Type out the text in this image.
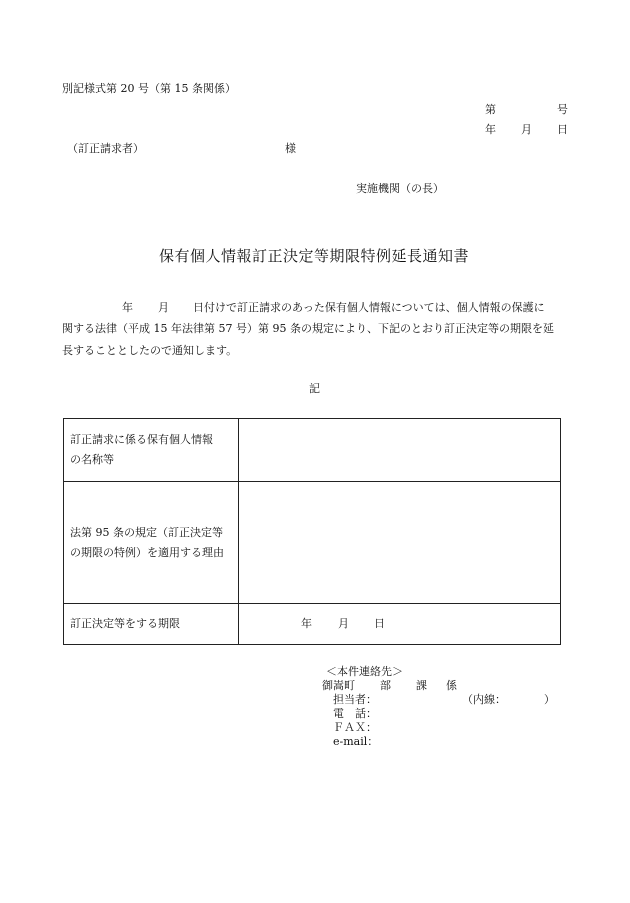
別記様式第 20 号（第 15 条関係）
第	号
年 月 日
（訂正請求者）	様
実施機関（の長）
保有個人情報訂正決定等期限特例延長通知書
年 月 日付けで訂正請求のあった保有個人情報については、個人情報の保護に
関する法律（平成 15 年法律第 57 号）第 95 条の規定により、下記のとおり訂正決定等の期限を延
長することとしたので通知します。
記
訂正請求に係る保有個人情報
の名称等	

法第 95 条の規定（訂正決定等
の期限の特例）を適用する理由	

訂正決定等をする期限	年 月 日
＜本件連絡先＞
御嵩町 部 課 係
担当者：	（内線：	）
電　話：
ＦＡＸ：
e-mail：
